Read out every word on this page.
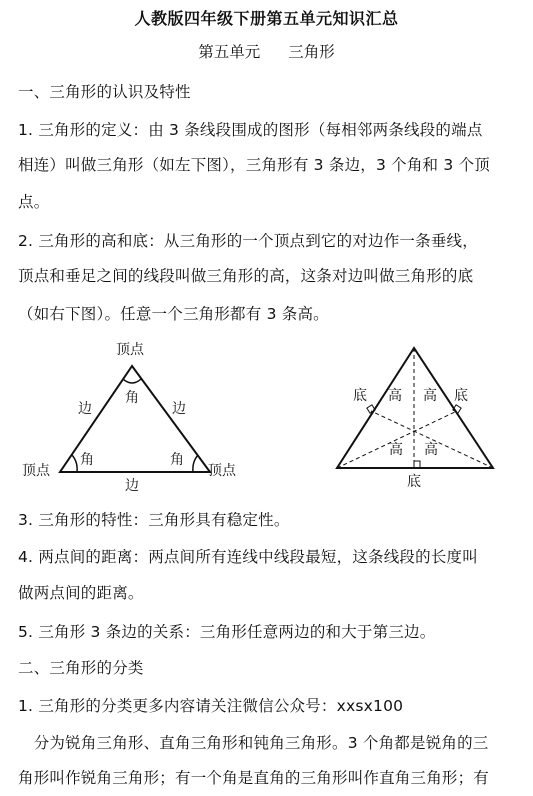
人教版四年级下册第五单元知识汇总
第五单元 三角形
一、三角形的认识及特性
1. 三角形的定义：由 3 条线段围成的图形（每相邻两条线段的端点
相连）叫做三角形（如左下图），三角形有 3 条边，3 个角和 3 个顶
点。
2. 三角形的高和底：从三角形的一个顶点到它的对边作一条垂线，
顶点和垂足之间的线段叫做三角形的高，这条对边叫做三角形的底
（如右下图）。任意一个三角形都有 3 条高。
顶点
角
边	边
角	角
顶点	顶点
边
底 高 高 底
高 高
底
3. 三角形的特性：三角形具有稳定性。
4. 两点间的距离：两点间所有连线中线段最短，这条线段的长度叫
做两点间的距离。
5. 三角形 3 条边的关系：三角形任意两边的和大于第三边。
二、三角形的分类
1. 三角形的分类更多内容请关注微信公众号：xxsx100
　分为锐角三角形、直角三角形和钝角三角形。3 个角都是锐角的三
角形叫作锐角三角形；有一个角是直角的三角形叫作直角三角形；有
